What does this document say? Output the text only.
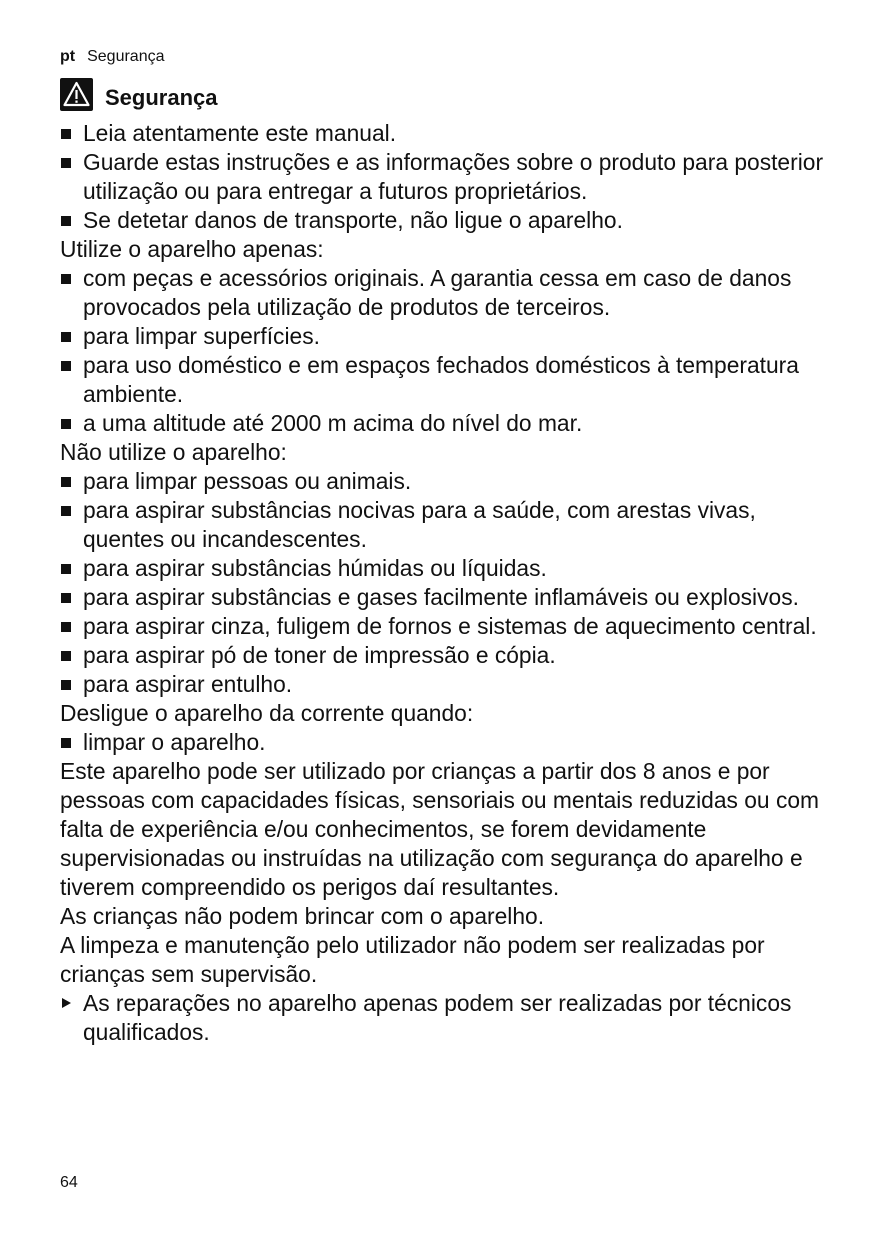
pt Segurança
Segurança
Leia atentamente este manual.
Guarde estas instruções e as informações sobre o produto para posterior utilização ou para entregar a futuros proprietários.
Se detetar danos de transporte, não ligue o aparelho.

Utilize o aparelho apenas:

com peças e acessórios originais. A garantia cessa em caso de danos provocados pela utilização de produtos de terceiros.
para limpar superfícies.
para uso doméstico e em espaços fechados domésticos à temperatura ambiente.
a uma altitude até 2000 m acima do nível do mar.

Não utilize o aparelho:

para limpar pessoas ou animais.
para aspirar substâncias nocivas para a saúde, com arestas vivas, quentes ou incandescentes.
para aspirar substâncias húmidas ou líquidas.
para aspirar substâncias e gases facilmente inflamáveis ou explosivos.
para aspirar cinza, fuligem de fornos e sistemas de aquecimento central.
para aspirar pó de toner de impressão e cópia.
para aspirar entulho.

Desligue o aparelho da corrente quando:

limpar o aparelho.

Este aparelho pode ser utilizado por crianças a partir dos 8 anos e por pessoas com capacidades físicas, sensoriais ou mentais reduzidas ou com falta de experiência e/ou conhecimentos, se forem devidamente supervisionadas ou instruídas na utilização com segurança do aparelho e tiverem compreendido os perigos daí resultantes.

As crianças não podem brincar com o aparelho.

A limpeza e manutenção pelo utilizador não podem ser realizadas por crianças sem supervisão.

As reparações no aparelho apenas podem ser realizadas por técnicos qualificados.
64
